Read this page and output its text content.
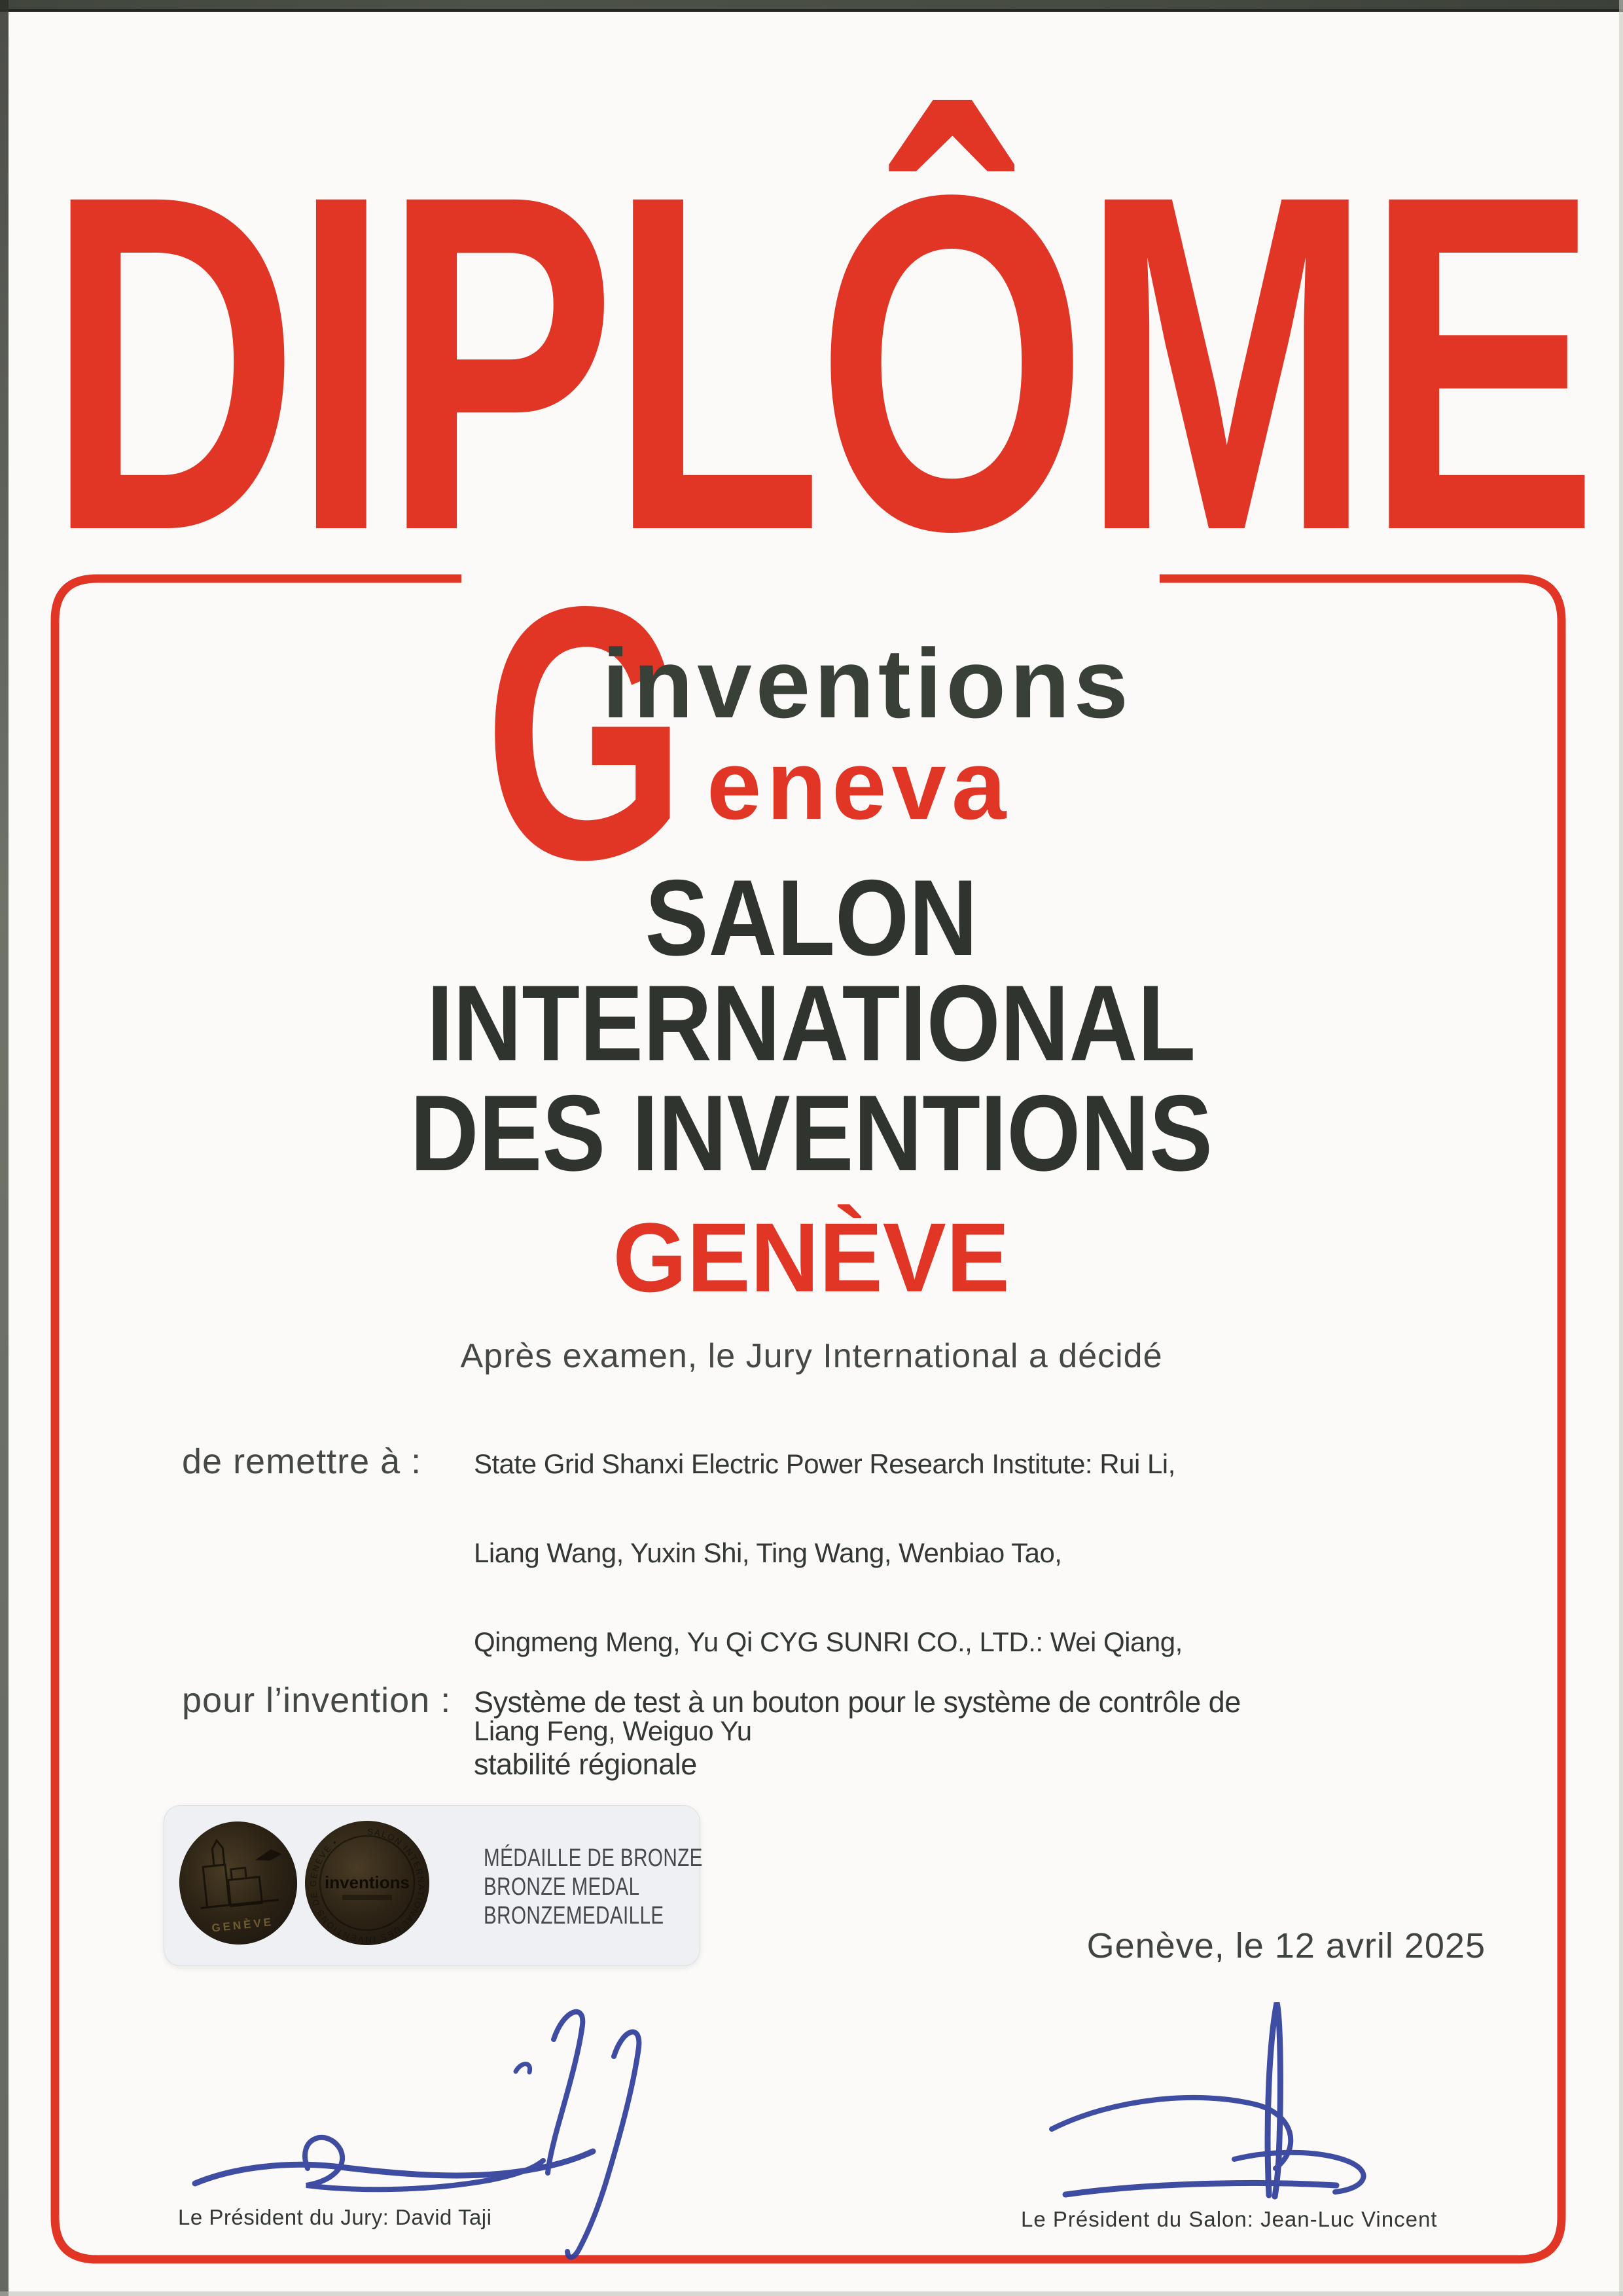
DIPLÔME
G
inventions
eneva
SALON
INTERNATIONAL
DES INVENTIONS
GENÈVE
Après examen, le Jury International a décidé
de remettre à : State Grid Shanxi Electric Power Research Institute: Rui Li,

Liang Wang, Yuxin Shi, Ting Wang, Wenbiao Tao,

Qingmeng Meng, Yu Qi CYG SUNRI CO., LTD.: Wei Qiang,

Liang Feng, Weiguo Yu
pour l’invention : Système de test à un bouton pour le système de contrôle de
stabilité régionale
GENÈVE
SALON INTERNATIONAL DES INVENTIONS DE GENÈVE •
inventions
MÉDAILLE DE BRONZE
BRONZE MEDAL
BRONZEMEDAILLE
Genève, le 12 avril 2025
Le Président du Jury: David Taji	Le Président du Salon: Jean-Luc Vincent
